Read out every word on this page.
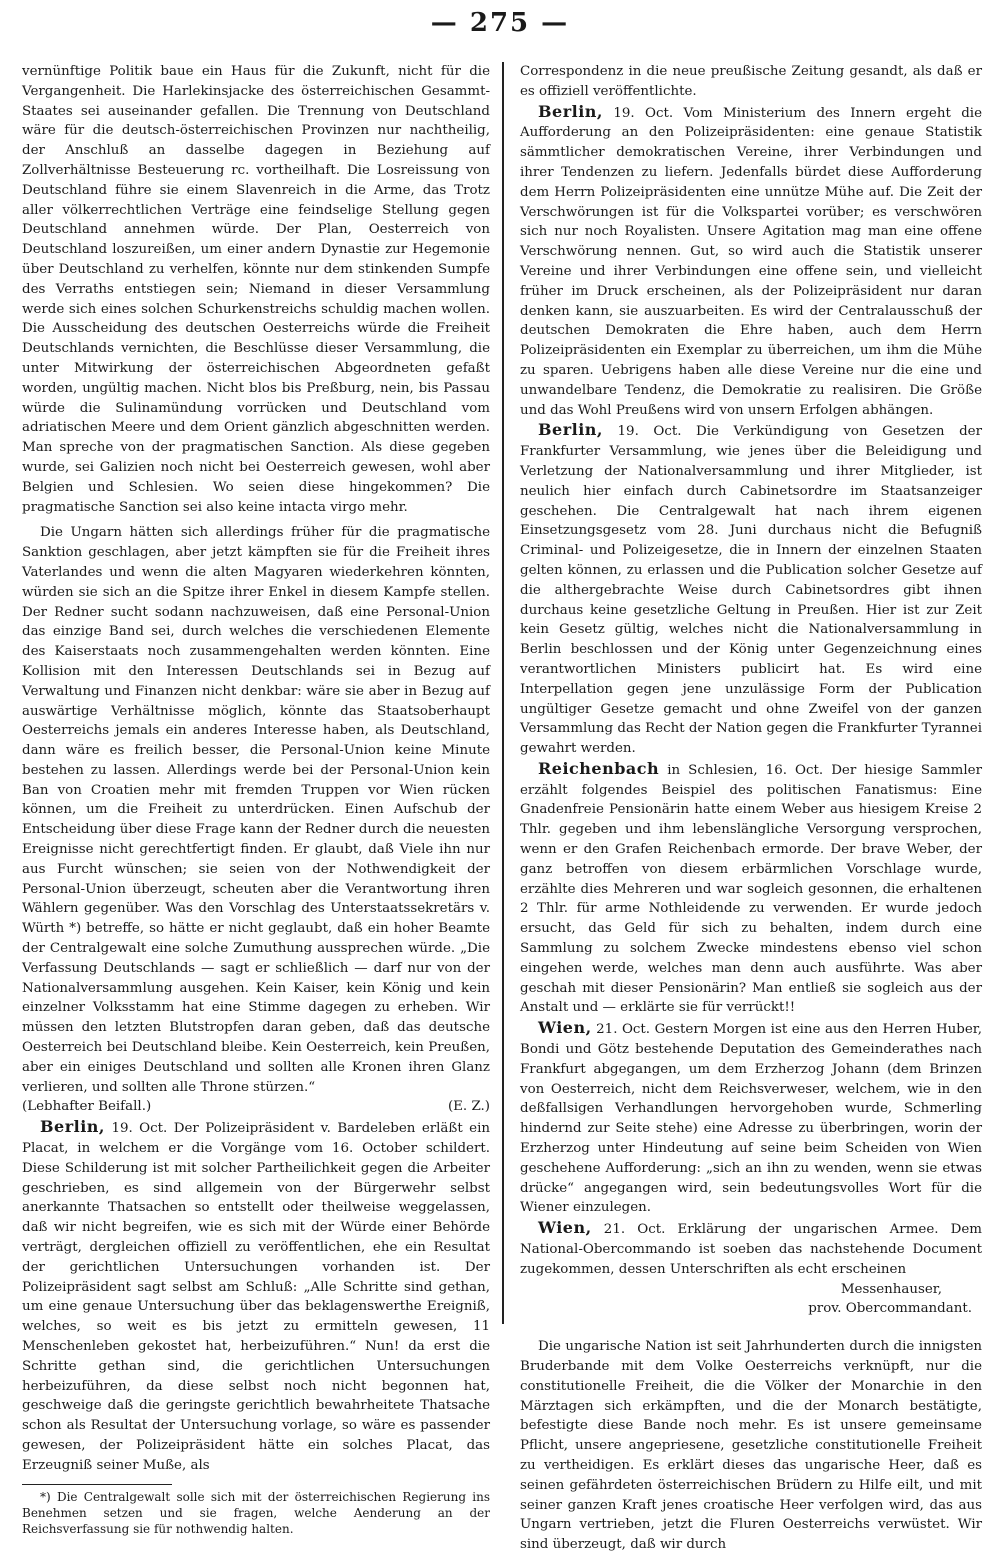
— 275 —

vernünftige Politik baue ein Haus für die Zukunft, nicht für die Vergangenheit. Die Harlekinsjacke des österreichischen Gesammt-Staates sei auseinander gefallen. Die Trennung von Deutschland wäre für die deutsch-österreichischen Provinzen nur nachtheilig, der Anschluß an dasselbe dagegen in Beziehung auf Zollverhältnisse Besteuerung rc. vortheilhaft. Die Losreissung von Deutschland führe sie einem Slavenreich in die Arme, das Trotz aller völkerrechtlichen Verträge eine feindselige Stellung gegen Deutschland annehmen würde. Der Plan, Oesterreich von Deutschland loszureißen, um einer andern Dynastie zur Hegemonie über Deutschland zu verhelfen, könnte nur dem stinkenden Sumpfe des Verraths entstiegen sein; Niemand in dieser Versammlung werde sich eines solchen Schurkenstreichs schuldig machen wollen. Die Ausscheidung des deutschen Oesterreichs würde die Freiheit Deutschlands vernichten, die Beschlüsse dieser Versammlung, die unter Mitwirkung der österreichischen Abgeordneten gefaßt worden, ungültig machen. Nicht blos bis Preßburg, nein, bis Passau würde die Sulinamündung vorrücken und Deutschland vom adriatischen Meere und dem Orient gänzlich abgeschnitten werden. Man spreche von der pragmatischen Sanction. Als diese gegeben wurde, sei Galizien noch nicht bei Oesterreich gewesen, wohl aber Belgien und Schlesien. Wo seien diese hingekommen? Die pragmatische Sanction sei also keine intacta virgo mehr.

Die Ungarn hätten sich allerdings früher für die pragmatische Sanktion geschlagen, aber jetzt kämpften sie für die Freiheit ihres Vaterlandes und wenn die alten Magyaren wiederkehren könnten, würden sie sich an die Spitze ihrer Enkel in diesem Kampfe stellen. Der Redner sucht sodann nachzuweisen, daß eine Personal-Union das einzige Band sei, durch welches die verschiedenen Elemente des Kaiserstaats noch zusammengehalten werden könnten. Eine Kollision mit den Interessen Deutschlands sei in Bezug auf Verwaltung und Finanzen nicht denkbar: wäre sie aber in Bezug auf auswärtige Verhältnisse möglich, könnte das Staatsoberhaupt Oesterreichs jemals ein anderes Interesse haben, als Deutschland, dann wäre es freilich besser, die Personal-Union keine Minute bestehen zu lassen. Allerdings werde bei der Personal-Union kein Ban von Croatien mehr mit fremden Truppen vor Wien rücken können, um die Freiheit zu unterdrücken. Einen Aufschub der Entscheidung über diese Frage kann der Redner durch die neuesten Ereignisse nicht gerechtfertigt finden. Er glaubt, daß Viele ihn nur aus Furcht wünschen; sie seien von der Nothwendigkeit der Personal-Union überzeugt, scheuten aber die Verantwortung ihren Wählern gegenüber. Was den Vorschlag des Unterstaatssekretärs v. Würth *) betreffe, so hätte er nicht geglaubt, daß ein hoher Beamte der Centralgewalt eine solche Zumuthung aussprechen würde. „Die Verfassung Deutschlands — sagt er schließlich — darf nur von der Nationalversammlung ausgehen. Kein Kaiser, kein König und kein einzelner Volksstamm hat eine Stimme dagegen zu erheben. Wir müssen den letzten Blutstropfen daran geben, daß das deutsche Oesterreich bei Deutschland bleibe. Kein Oesterreich, kein Preußen, aber ein einiges Deutschland und sollten alle Kronen ihren Glanz verlieren, und sollten alle Throne stürzen.“

(Lebhafter Beifall.)	(E. Z.)

Berlin, 19. Oct. Der Polizeipräsident v. Bardeleben erläßt ein Placat, in welchem er die Vorgänge vom 16. October schildert. Diese Schilderung ist mit solcher Partheilichkeit gegen die Arbeiter geschrieben, es sind allgemein von der Bürgerwehr selbst anerkannte Thatsachen so entstellt oder theilweise weggelassen, daß wir nicht begreifen, wie es sich mit der Würde einer Behörde verträgt, dergleichen offiziell zu veröffentlichen, ehe ein Resultat der gerichtlichen Untersuchungen vorhanden ist. Der Polizeipräsident sagt selbst am Schluß: „Alle Schritte sind gethan, um eine genaue Untersuchung über das beklagenswerthe Ereigniß, welches, so weit es bis jetzt zu ermitteln gewesen, 11 Menschenleben gekostet hat, herbeizuführen.“ Nun! da erst die Schritte gethan sind, die gerichtlichen Untersuchungen herbeizuführen, da diese selbst noch nicht begonnen hat, geschweige daß die geringste gerichtlich bewahrheitete Thatsache schon als Resultat der Untersuchung vorlage, so wäre es passender gewesen, der Polizeipräsident hätte ein solches Placat, das Erzeugniß seiner Muße, als

*) Die Centralgewalt solle sich mit der österreichischen Regierung ins Benehmen setzen und sie fragen, welche Aenderung an der Reichsverfassung sie für nothwendig halten.

Correspondenz in die neue preußische Zeitung gesandt, als daß er es offiziell veröffentlichte.

Berlin, 19. Oct. Vom Ministerium des Innern ergeht die Aufforderung an den Polizeipräsidenten: eine genaue Statistik sämmtlicher demokratischen Vereine, ihrer Verbindungen und ihrer Tendenzen zu liefern. Jedenfalls bürdet diese Aufforderung dem Herrn Polizeipräsidenten eine unnütze Mühe auf. Die Zeit der Verschwörungen ist für die Volkspartei vorüber; es verschwören sich nur noch Royalisten. Unsere Agitation mag man eine offene Verschwörung nennen. Gut, so wird auch die Statistik unserer Vereine und ihrer Verbindungen eine offene sein, und vielleicht früher im Druck erscheinen, als der Polizeipräsident nur daran denken kann, sie auszuarbeiten. Es wird der Centralausschuß der deutschen Demokraten die Ehre haben, auch dem Herrn Polizeipräsidenten ein Exemplar zu überreichen, um ihm die Mühe zu sparen. Uebrigens haben alle diese Vereine nur die eine und unwandelbare Tendenz, die Demokratie zu realisiren. Die Größe und das Wohl Preußens wird von unsern Erfolgen abhängen.

Berlin, 19. Oct. Die Verkündigung von Gesetzen der Frankfurter Versammlung, wie jenes über die Beleidigung und Verletzung der Nationalversammlung und ihrer Mitglieder, ist neulich hier einfach durch Cabinetsordre im Staatsanzeiger geschehen. Die Centralgewalt hat nach ihrem eigenen Einsetzungsgesetz vom 28. Juni durchaus nicht die Befugniß Criminal- und Polizeigesetze, die in Innern der einzelnen Staaten gelten können, zu erlassen und die Publication solcher Gesetze auf die althergebrachte Weise durch Cabinetsordres gibt ihnen durchaus keine gesetzliche Geltung in Preußen. Hier ist zur Zeit kein Gesetz gültig, welches nicht die Nationalversammlung in Berlin beschlossen und der König unter Gegenzeichnung eines verantwortlichen Ministers publicirt hat. Es wird eine Interpellation gegen jene unzulässige Form der Publication ungültiger Gesetze gemacht und ohne Zweifel von der ganzen Versammlung das Recht der Nation gegen die Frankfurter Tyrannei gewahrt werden.

Reichenbach in Schlesien, 16. Oct. Der hiesige Sammler erzählt folgendes Beispiel des politischen Fanatismus: Eine Gnadenfreie Pensionärin hatte einem Weber aus hiesigem Kreise 2 Thlr. gegeben und ihm lebenslängliche Versorgung versprochen, wenn er den Grafen Reichenbach ermorde. Der brave Weber, der ganz betroffen von diesem erbärmlichen Vorschlage wurde, erzählte dies Mehreren und war sogleich gesonnen, die erhaltenen 2 Thlr. für arme Nothleidende zu verwenden. Er wurde jedoch ersucht, das Geld für sich zu behalten, indem durch eine Sammlung zu solchem Zwecke mindestens ebenso viel schon eingehen werde, welches man denn auch ausführte. Was aber geschah mit dieser Pensionärin? Man entließ sie sogleich aus der Anstalt und — erklärte sie für verrückt!!

Wien, 21. Oct. Gestern Morgen ist eine aus den Herren Huber, Bondi und Götz bestehende Deputation des Gemeinderathes nach Frankfurt abgegangen, um dem Erzherzog Johann (dem Brinzen von Oesterreich, nicht dem Reichsverweser, welchem, wie in den deßfallsigen Verhandlungen hervorgehoben wurde, Schmerling hindernd zur Seite stehe) eine Adresse zu überbringen, worin der Erzherzog unter Hindeutung auf seine beim Scheiden von Wien geschehene Aufforderung: „sich an ihn zu wenden, wenn sie etwas drücke“ angegangen wird, sein bedeutungsvolles Wort für die Wiener einzulegen.

Wien, 21. Oct. Erklärung der ungarischen Armee. Dem National-Obercommando ist soeben das nachstehende Document zugekommen, dessen Unterschriften als echt erscheinen

Messenhauser,
prov. Obercommandant.

Die ungarische Nation ist seit Jahrhunderten durch die innigsten Bruderbande mit dem Volke Oesterreichs verknüpft, nur die constitutionelle Freiheit, die die Völker der Monarchie in den Märztagen sich erkämpften, und die der Monarch bestätigte, befestigte diese Bande noch mehr. Es ist unsere gemeinsame Pflicht, unsere angepriesene, gesetzliche constitutionelle Freiheit zu vertheidigen. Es erklärt dieses das ungarische Heer, daß es seinen gefährdeten österreichischen Brüdern zu Hilfe eilt, und mit seiner ganzen Kraft jenes croatische Heer verfolgen wird, das aus Ungarn vertrieben, jetzt die Fluren Oesterreichs verwüstet. Wir sind überzeugt, daß wir durch
